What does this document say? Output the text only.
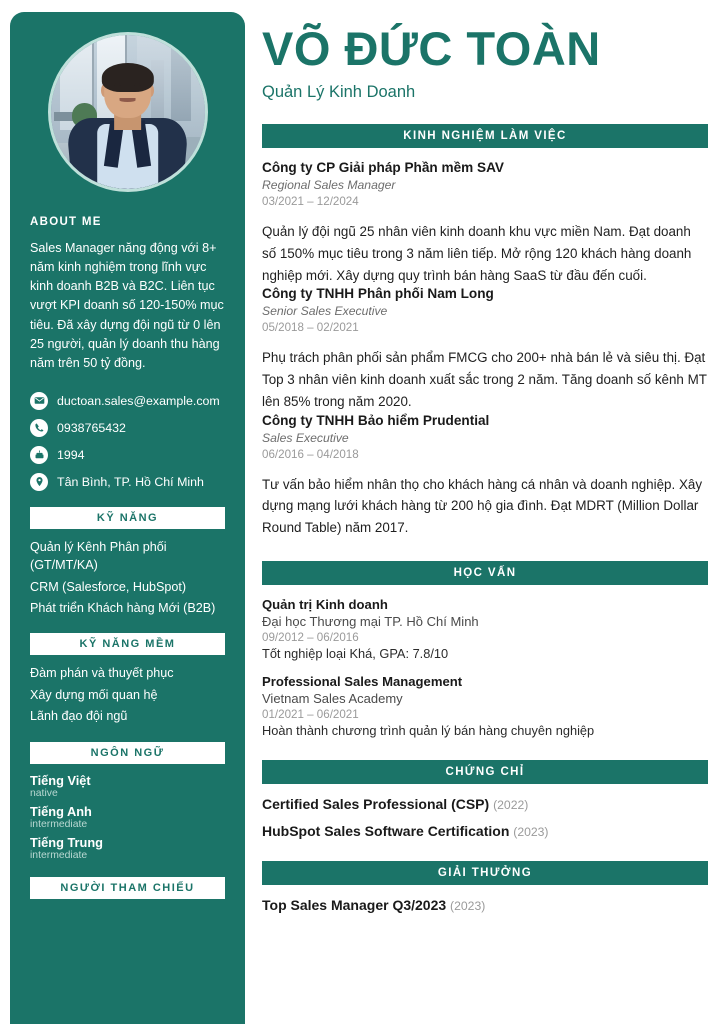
ABOUT ME
Sales Manager năng động với 8+ năm kinh nghiệm trong lĩnh vực kinh doanh B2B và B2C. Liên tục vượt KPI doanh số 120-150% mục tiêu. Đã xây dựng đội ngũ từ 0 lên 25 người, quản lý doanh thu hàng năm trên 50 tỷ đồng.
ductoan.sales@example.com
0938765432
1994
Tân Bình, TP. Hồ Chí Minh
KỸ NĂNG
Quản lý Kênh Phân phối (GT/MT/KA)
CRM (Salesforce, HubSpot)
Phát triển Khách hàng Mới (B2B)
KỸ NĂNG MỀM
Đàm phán và thuyết phục
Xây dựng mối quan hệ
Lãnh đạo đội ngũ
NGÔN NGỮ
Tiếng Việt
native
Tiếng Anh
intermediate
Tiếng Trung
intermediate
NGƯỜI THAM CHIẾU
VÕ ĐỨC TOÀN
Quản Lý Kinh Doanh
KINH NGHIỆM LÀM VIỆC
Công ty CP Giải pháp Phần mềm SAV
Regional Sales Manager
03/2021 – 12/2024
Quản lý đội ngũ 25 nhân viên kinh doanh khu vực miền Nam. Đạt doanh số 150% mục tiêu trong 3 năm liên tiếp. Mở rộng 120 khách hàng doanh nghiệp mới. Xây dựng quy trình bán hàng SaaS từ đầu đến cuối.
Công ty TNHH Phân phối Nam Long
Senior Sales Executive
05/2018 – 02/2021
Phụ trách phân phối sản phẩm FMCG cho 200+ nhà bán lẻ và siêu thị. Đạt Top 3 nhân viên kinh doanh xuất sắc trong 2 năm. Tăng doanh số kênh MT lên 85% trong năm 2020.
Công ty TNHH Bảo hiểm Prudential
Sales Executive
06/2016 – 04/2018
Tư vấn bảo hiểm nhân thọ cho khách hàng cá nhân và doanh nghiệp. Xây dựng mạng lưới khách hàng từ 200 hộ gia đình. Đạt MDRT (Million Dollar Round Table) năm 2017.
HỌC VẤN
Quản trị Kinh doanh
Đại học Thương mại TP. Hồ Chí Minh
09/2012 – 06/2016
Tốt nghiệp loại Khá, GPA: 7.8/10
Professional Sales Management
Vietnam Sales Academy
01/2021 – 06/2021
Hoàn thành chương trình quản lý bán hàng chuyên nghiệp
CHỨNG CHỈ
Certified Sales Professional (CSP) (2022)
HubSpot Sales Software Certification (2023)
GIẢI THƯỞNG
Top Sales Manager Q3/2023 (2023)
